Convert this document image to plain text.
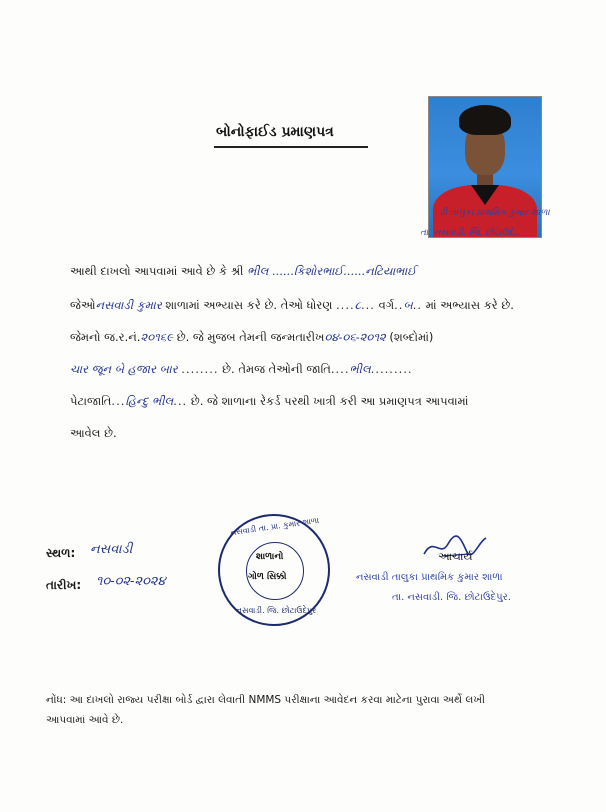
બોનોફાઈડ પ્રમાણપત્ર
ઢી તાલુકા પ્રાથમિક કુમાર શાળા
તા. નસવાડી. જિ. છોટાઉદે..
આથી દાખલો આપવામાં આવે છે કે શ્રી ભીલ ......કિશોરભાઈ......નટિયાભાઈ
જેઓનસવાડી કુમાર શાળામાં અભ્યાસ કરે છે. તેઓ ધોરણ ....૮... વર્ગ..બ.. માં અભ્યાસ કરે છે.
જેમનો જ.ર.નં.૨૦૧૬૯ છે. જે મુજબ તેમની જન્મતારીખ૦૪-૦૬-૨૦૧૨ (શબ્દોમાં)
ચાર જૂન બે હજાર બાર ........ છે. તેમજ તેઓની જાતિ....ભીલ.........
પેટાજાતિ...હિન્દુ ભીલ... છે. જે શાળાના રેકર્ડ પરથી ખાત્રી કરી આ પ્રમાણપત્ર આપવામાં
આવેલ છે.
સ્થળ: નસવાડી
તારીખ: ૧૦-૦૨-૨૦૨૪
નસવાડી તા. પ્રા. કુમાર શાળા
નસવાડી. જિ. છોટાઉદેપુર
શાળાનો
ગોળ સિક્કો
આચાર્ય
નસવાડી તાલુકા પ્રાથમિક કુમાર શાળા
તા. નસવાડી. જિ. છોટાઉદેપુર.
નોંધ: આ દાખલો રાજ્ય પરીક્ષા બોર્ડ દ્વારા લેવાતી NMMS પરીક્ષાના આવેદન કરવા માટેના પુરાવા અર્થે લખી
આપવામાં આવે છે.
